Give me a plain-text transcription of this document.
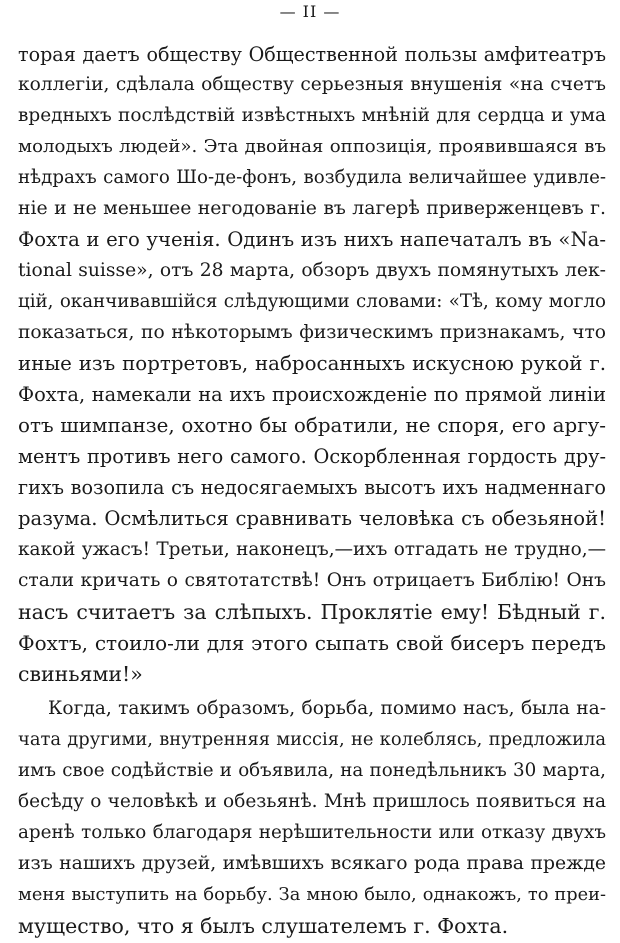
— II —
торая даетъ обществу Общественной пользы амфитеатръ
коллегіи, сдѣлала обществу серьезныя внушенія «на счетъ
вредныхъ послѣдствій извѣстныхъ мнѣній для сердца и ума
молодыхъ людей». Эта двойная оппозиція, проявившаяся въ
нѣдрахъ самого Шо-де-фонъ, возбудила величайшее удивле-
ніе и не меньшее негодованіе въ лагерѣ приверженцевъ г.
Фохта и его ученія. Одинъ изъ нихъ напечаталъ въ «Na-
tional suisse», отъ 28 марта, обзоръ двухъ помянутыхъ лек-
цій, оканчивавшійся слѣдующими словами: «Тѣ, кому могло
показаться, по нѣкоторымъ физическимъ признакамъ, что
иные изъ портретовъ, набросанныхъ искусною рукой г.
Фохта, намекали на ихъ происхожденіе по прямой линіи
отъ шимпанзе, охотно бы обратили, не споря, его аргу-
ментъ противъ него самого. Оскорбленная гордость дру-
гихъ возопила съ недосягаемыхъ высотъ ихъ надменнаго
разума. Осмѣлиться сравнивать человѣка съ обезьяной!
какой ужасъ! Третьи, наконецъ,—ихъ отгадать не трудно,—
стали кричать о святотатствѣ! Онъ отрицаетъ Библію! Онъ
насъ считаетъ за слѣпыхъ. Проклятіе ему! Бѣдный г.
Фохтъ, стоило-ли для этого сыпать свой бисеръ передъ
свиньями!»
Когда, такимъ образомъ, борьба, помимо насъ, была на-
чата другими, внутренняя миссія, не колеблясь, предложила
имъ свое содѣйствіе и объявила, на понедѣльникъ 30 марта,
бесѣду о человѣкѣ и обезьянѣ. Мнѣ пришлось появиться на
аренѣ только благодаря нерѣшительности или отказу двухъ
изъ нашихъ друзей, имѣвшихъ всякаго рода права прежде
меня выступить на борьбу. За мною было, однакожъ, то преи-
мущество, что я былъ слушателемъ г. Фохта.
